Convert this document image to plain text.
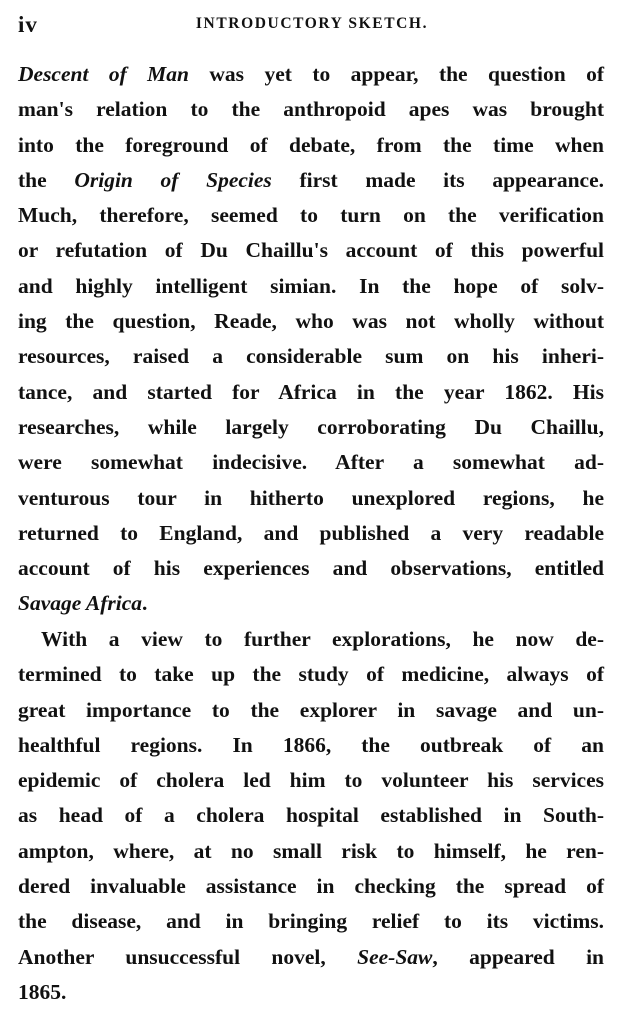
iv	INTRODUCTORY SKETCH.
Descent of Man was yet to appear, the question of
man's relation to the anthropoid apes was brought
into the foreground of debate, from the time when
the Origin of Species first made its appearance.
Much, therefore, seemed to turn on the verification
or refutation of Du Chaillu's account of this powerful
and highly intelligent simian. In the hope of solv-
ing the question, Reade, who was not wholly without
resources, raised a considerable sum on his inheri-
tance, and started for Africa in the year 1862. His
researches, while largely corroborating Du Chaillu,
were somewhat indecisive. After a somewhat ad-
venturous tour in hitherto unexplored regions, he
returned to England, and published a very readable
account of his experiences and observations, entitled
Savage Africa.
With a view to further explorations, he now de-
termined to take up the study of medicine, always of
great importance to the explorer in savage and un-
healthful regions. In 1866, the outbreak of an
epidemic of cholera led him to volunteer his services
as head of a cholera hospital established in South-
ampton, where, at no small risk to himself, he ren-
dered invaluable assistance in checking the spread of
the disease, and in bringing relief to its victims.
Another unsuccessful novel, See-Saw, appeared in
1865.
